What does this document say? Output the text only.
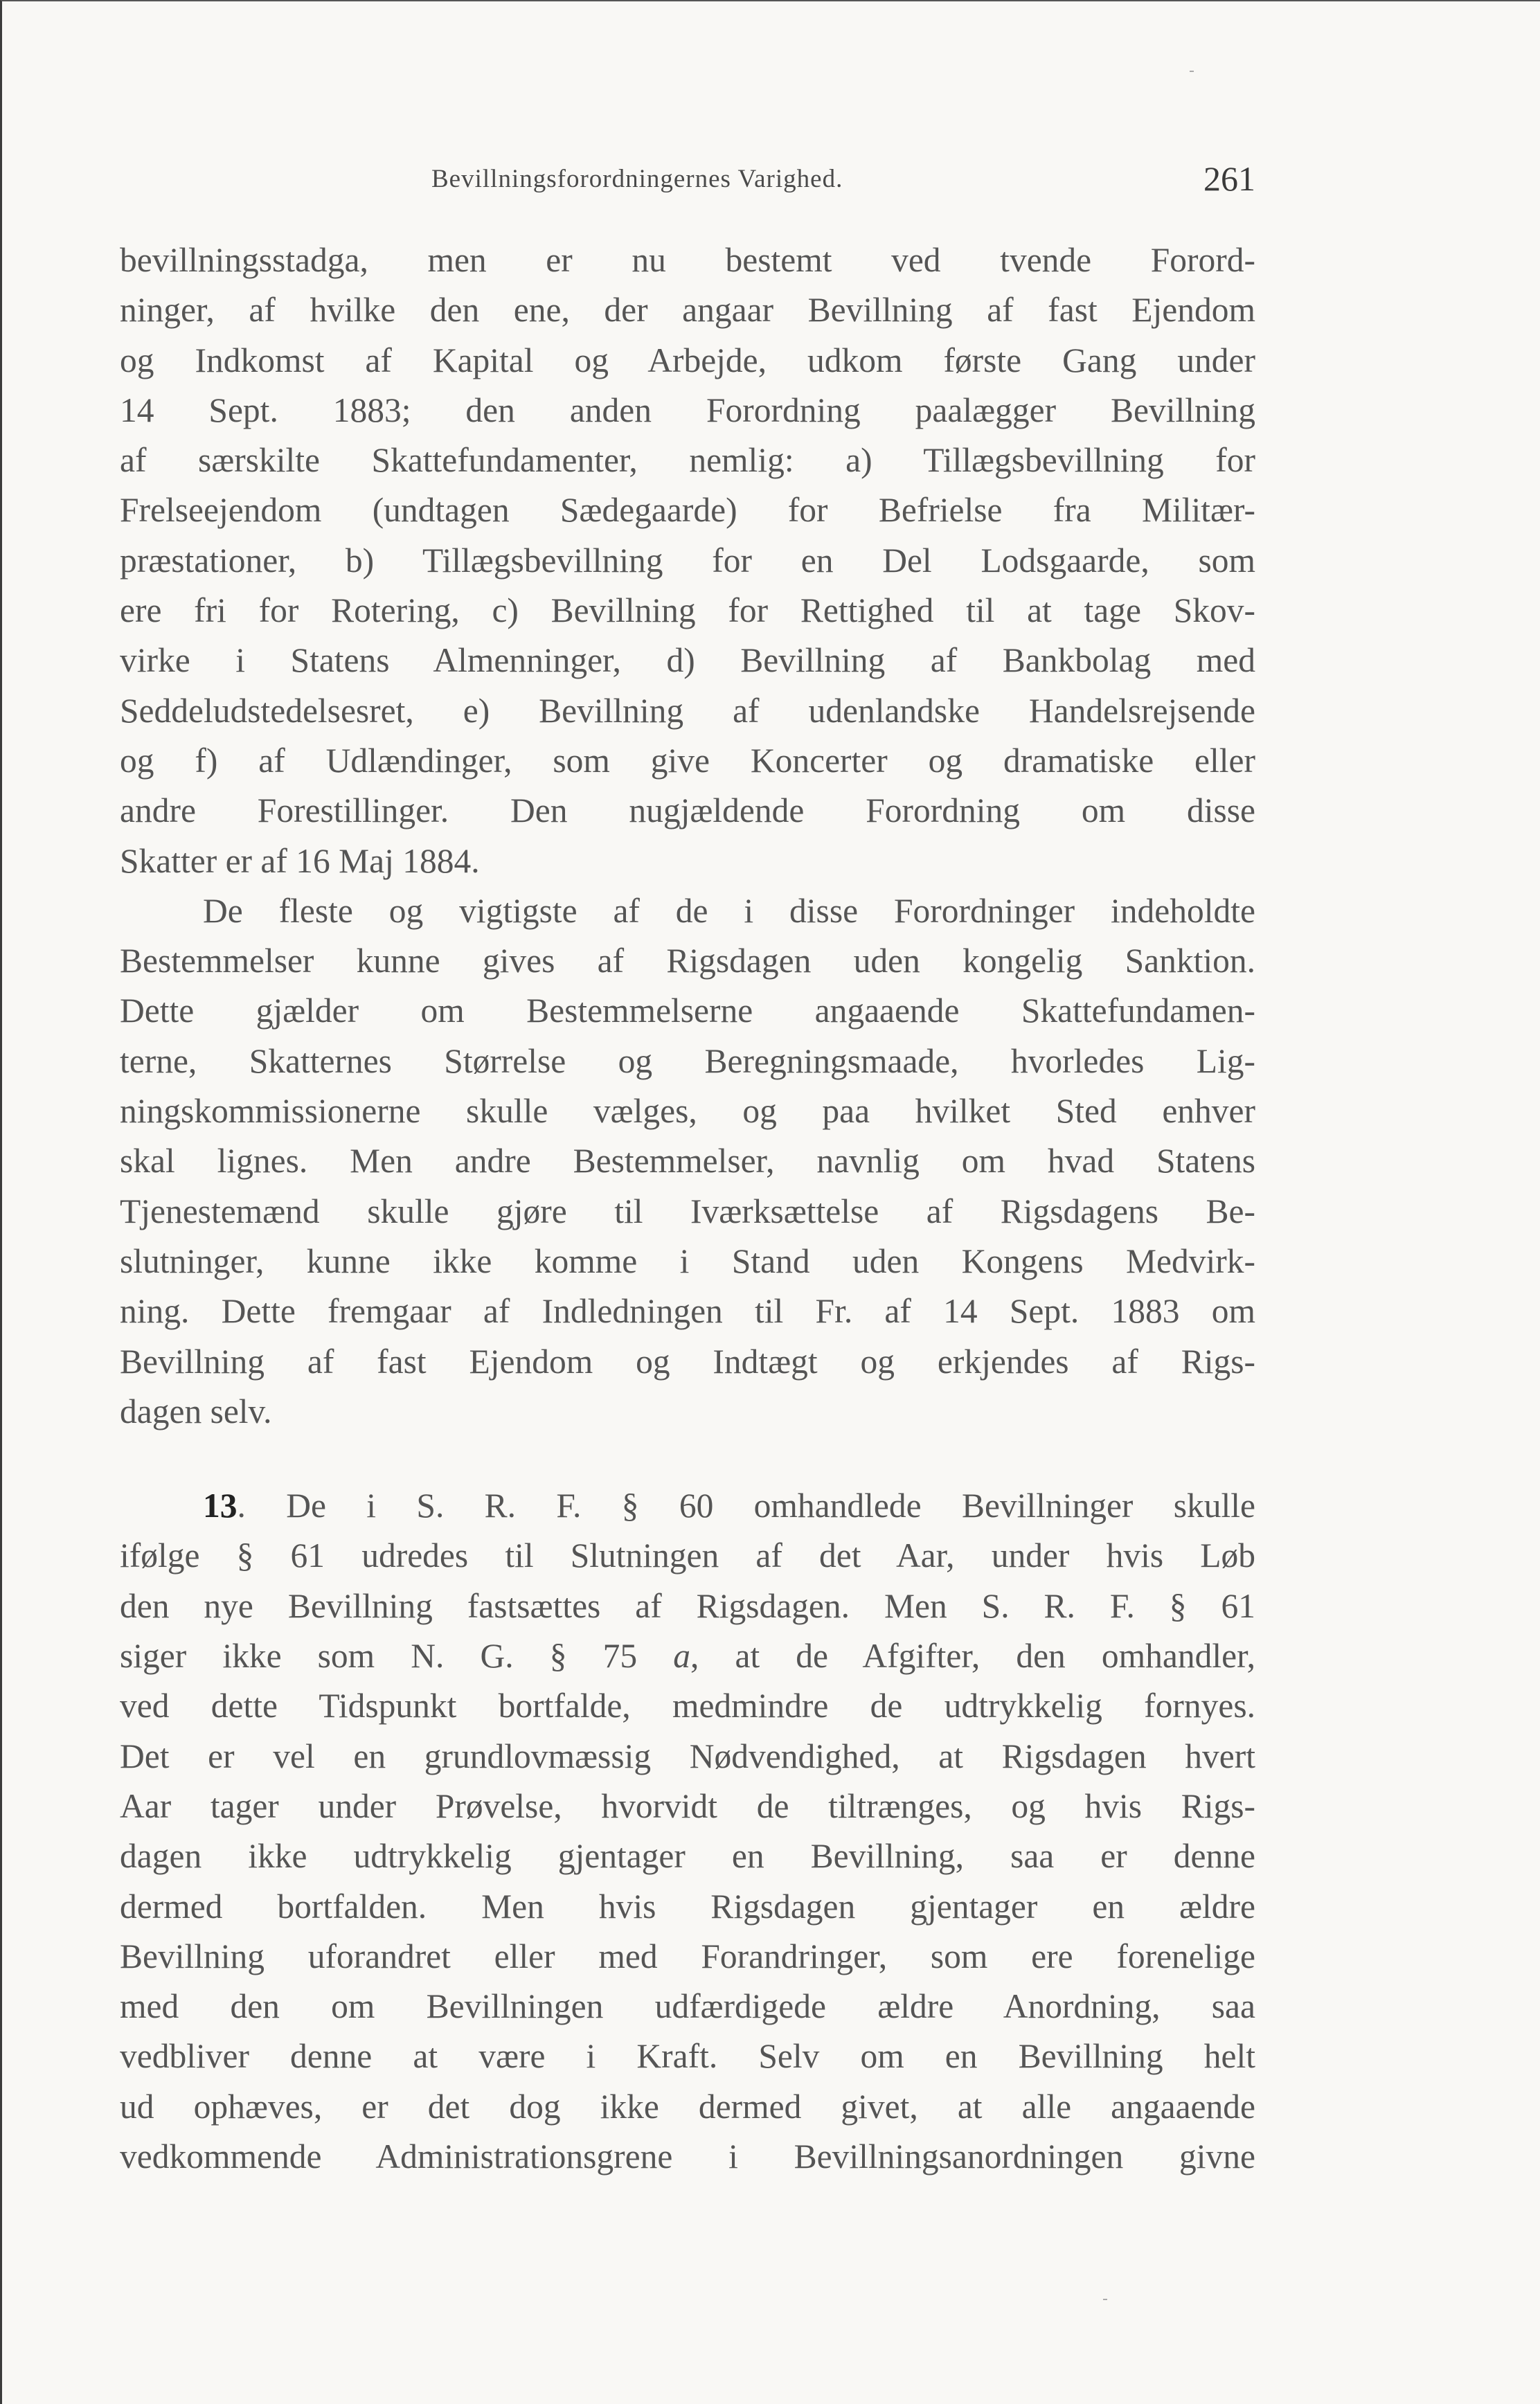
Bevillningsforordningernes Varighed.	261
bevillningsstadga, men er nu bestemt ved tvende Forord-
ninger, af hvilke den ene, der angaar Bevillning af fast Ejendom
og Indkomst af Kapital og Arbejde, udkom første Gang under
14 Sept. 1883; den anden Forordning paalægger Bevillning
af særskilte Skattefundamenter, nemlig: a) Tillægsbevillning for
Frelseejendom (undtagen Sædegaarde) for Befrielse fra Militær-
præstationer, b) Tillægsbevillning for en Del Lodsgaarde, som
ere fri for Rotering, c) Bevillning for Rettighed til at tage Skov-
virke i Statens Almenninger, d) Bevillning af Bankbolag med
Seddeludstedelsesret, e) Bevillning af udenlandske Handelsrejsende
og f) af Udlændinger, som give Koncerter og dramatiske eller
andre Forestillinger. Den nugjældende Forordning om disse
Skatter er af 16 Maj 1884.
De fleste og vigtigste af de i disse Forordninger indeholdte
Bestemmelser kunne gives af Rigsdagen uden kongelig Sanktion.
Dette gjælder om Bestemmelserne angaaende Skattefundamen-
terne, Skatternes Størrelse og Beregningsmaade, hvorledes Lig-
ningskommissionerne skulle vælges, og paa hvilket Sted enhver
skal lignes. Men andre Bestemmelser, navnlig om hvad Statens
Tjenestemænd skulle gjøre til Iværksættelse af Rigsdagens Be-
slutninger, kunne ikke komme i Stand uden Kongens Medvirk-
ning. Dette fremgaar af Indledningen til Fr. af 14 Sept. 1883 om
Bevillning af fast Ejendom og Indtægt og erkjendes af Rigs-
dagen selv.
13. De i S. R. F. § 60 omhandlede Bevillninger skulle
ifølge § 61 udredes til Slutningen af det Aar, under hvis Løb
den nye Bevillning fastsættes af Rigsdagen. Men S. R. F. § 61
siger ikke som N. G. § 75 a, at de Afgifter, den omhandler,
ved dette Tidspunkt bortfalde, medmindre de udtrykkelig fornyes.
Det er vel en grundlovmæssig Nødvendighed, at Rigsdagen hvert
Aar tager under Prøvelse, hvorvidt de tiltrænges, og hvis Rigs-
dagen ikke udtrykkelig gjentager en Bevillning, saa er denne
dermed bortfalden. Men hvis Rigsdagen gjentager en ældre
Bevillning uforandret eller med Forandringer, som ere forenelige
med den om Bevillningen udfærdigede ældre Anordning, saa
vedbliver denne at være i Kraft. Selv om en Bevillning helt
ud ophæves, er det dog ikke dermed givet, at alle angaaende
vedkommende Administrationsgrene i Bevillningsanordningen givne
